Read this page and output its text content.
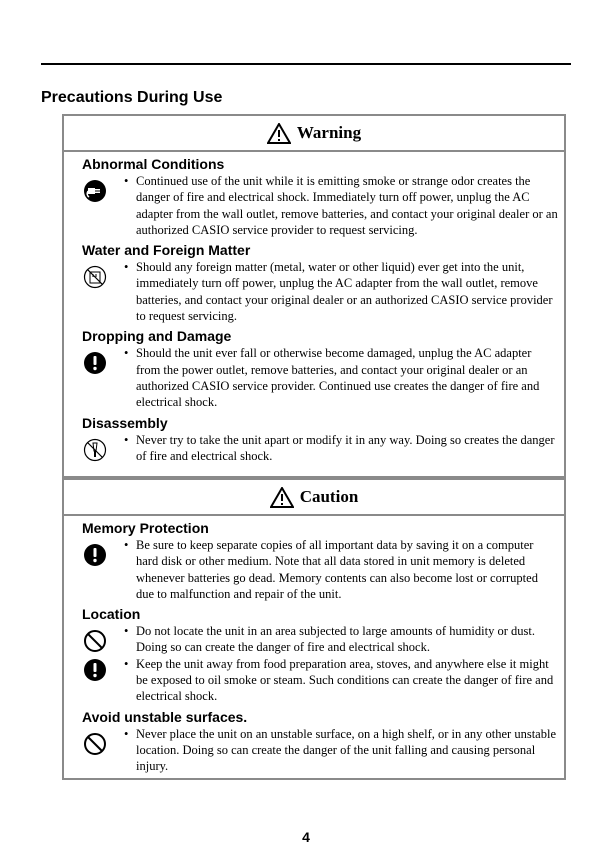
Precautions During Use
Warning
Abnormal Conditions
• Continued use of the unit while it is emitting smoke or strange odor creates the danger of fire and electrical shock. Immediately turn off power, unplug the AC adapter from the wall outlet, remove batteries, and contact your original dealer or an authorized CASIO service provider to request servicing.
Water and Foreign Matter
• Should any foreign matter (metal, water or other liquid) ever get into the unit, immediately turn off power, unplug the AC adapter from the wall outlet, remove batteries, and contact your original dealer or an authorized CASIO service provider to request servicing.
Dropping and Damage
• Should the unit ever fall or otherwise become damaged, unplug the AC adapter from the power outlet, remove batteries, and contact your original dealer or an authorized CASIO service provider. Continued use creates the danger of fire and electrical shock.
Disassembly
• Never try to take the unit apart or modify it in any way. Doing so creates the danger of fire and electrical shock.
Caution
Memory Protection
• Be sure to keep separate copies of all important data by saving it on a computer hard disk or other medium. Note that all data stored in unit memory is deleted whenever batteries go dead. Memory contents can also become lost or corrupted due to malfunction and repair of the unit.
Location
• Do not locate the unit in an area subjected to large amounts of humidity or dust. Doing so can create the danger of fire and electrical shock.
• Keep the unit away from food preparation area, stoves, and anywhere else it might be exposed to oil smoke or steam. Such conditions can create the danger of fire and electrical shock.
Avoid unstable surfaces.
• Never place the unit on an unstable surface, on a high shelf, or in any other unstable location. Doing so can create the danger of the unit falling and causing personal injury.
4
